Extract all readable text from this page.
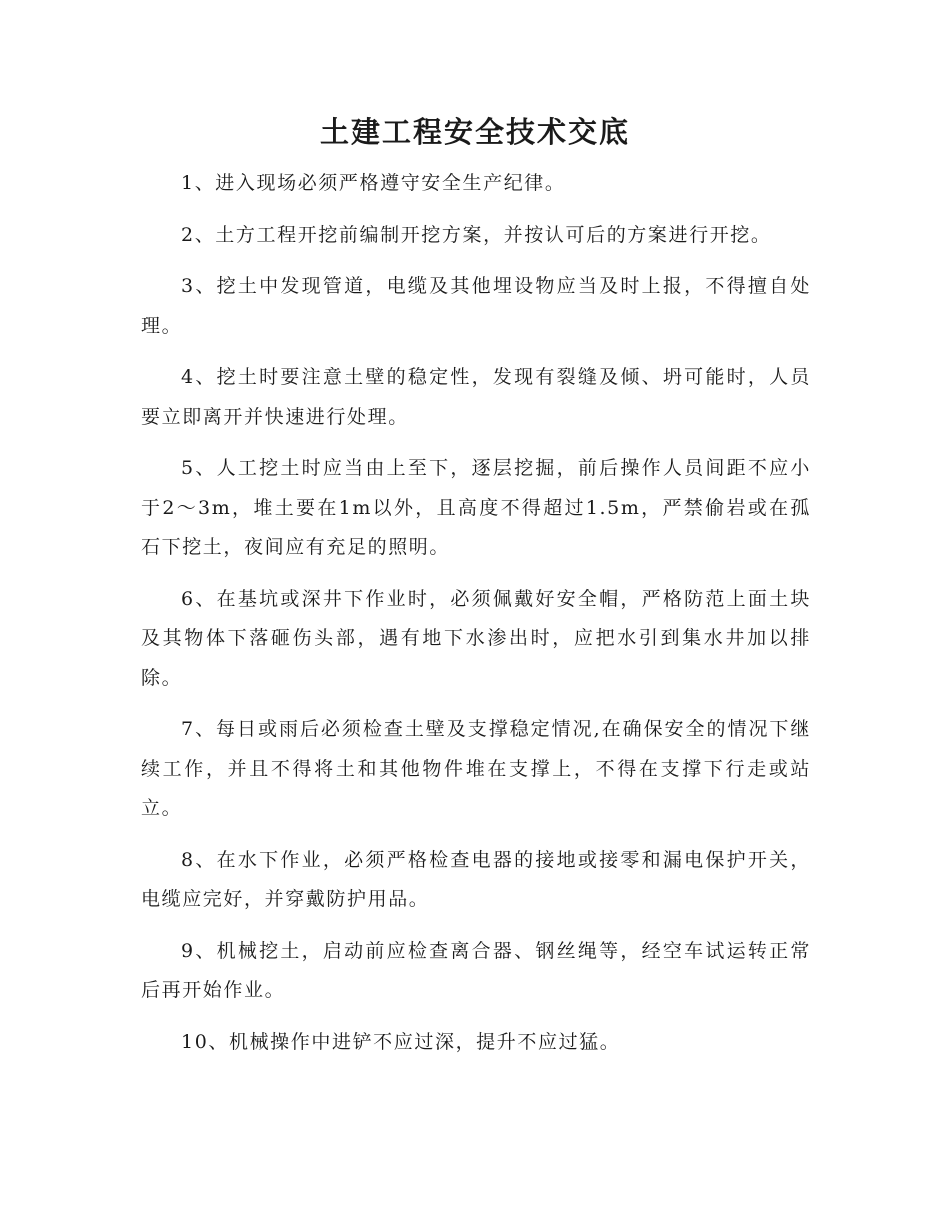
土建工程安全技术交底

1、进入现场必须严格遵守安全生产纪律。

2、土方工程开挖前编制开挖方案，并按认可后的方案进行开挖。

3、挖土中发现管道，电缆及其他埋设物应当及时上报，不得擅自处理。

4、挖土时要注意土壁的稳定性，发现有裂缝及倾、坍可能时，人员要立即离开并快速进行处理。

5、人工挖土时应当由上至下，逐层挖掘，前后操作人员间距不应小于2～3m，堆土要在1m以外，且高度不得超过1.5m，严禁偷岩或在孤石下挖土，夜间应有充足的照明。

6、在基坑或深井下作业时，必须佩戴好安全帽，严格防范上面土块及其物体下落砸伤头部，遇有地下水渗出时，应把水引到集水井加以排除。

7、每日或雨后必须检查土壁及支撑稳定情况,在确保安全的情况下继续工作，并且不得将土和其他物件堆在支撑上，不得在支撑下行走或站立。

8、在水下作业，必须严格检查电器的接地或接零和漏电保护开关，电缆应完好，并穿戴防护用品。

9、机械挖土，启动前应检查离合器、钢丝绳等，经空车试运转正常后再开始作业。

10、机械操作中进铲不应过深，提升不应过猛。
